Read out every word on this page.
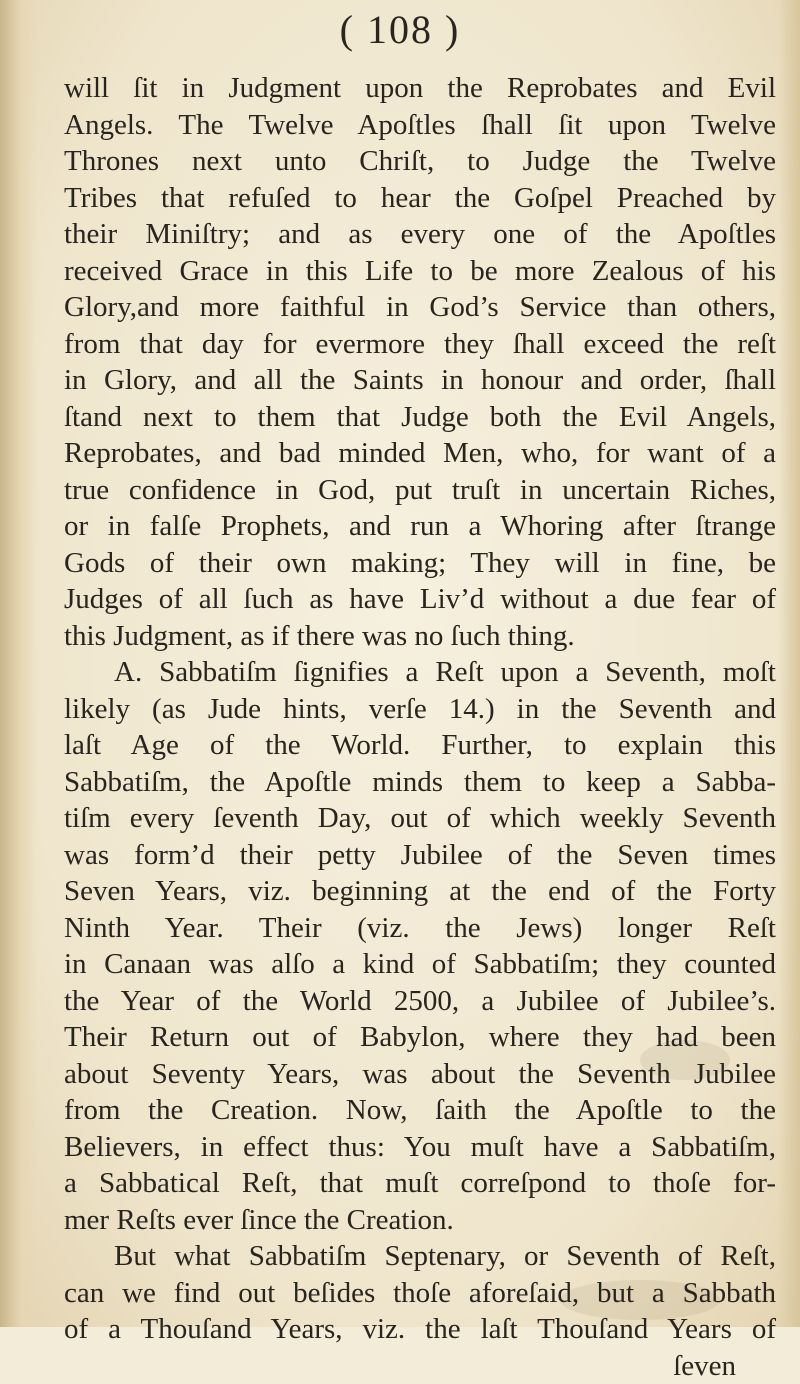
( 108 )
will ſit in Judgment upon the Reprobates and Evil
Angels. The Twelve Apoſtles ſhall ſit upon Twelve
Thrones next unto Chriſt, to Judge the Twelve
Tribes that refuſed to hear the Goſpel Preached by
their Miniſtry; and as every one of the Apoſtles
received Grace in this Life to be more Zealous of his
Glory,and more faithful in God’s Service than others,
from that day for evermore they ſhall exceed the reſt
in Glory, and all the Saints in honour and order, ſhall
ſtand next to them that Judge both the Evil Angels,
Reprobates, and bad minded Men, who, for want of a
true confidence in God, put truſt in uncertain Riches,
or in falſe Prophets, and run a Whoring after ſtrange
Gods of their own making; They will in fine, be
Judges of all ſuch as have Liv’d without a due fear of
this Judgment, as if there was no ſuch thing.
A. Sabbatiſm ſignifies a Reſt upon a Seventh, moſt
likely (as Jude hints, verſe 14.) in the Seventh and
laſt Age of the World. Further, to explain this
Sabbatiſm, the Apoſtle minds them to keep a Sabba-
tiſm every ſeventh Day, out of which weekly Seventh
was form’d their petty Jubilee of the Seven times
Seven Years, viz. beginning at the end of the Forty
Ninth Year. Their (viz. the Jews) longer Reſt
in Canaan was alſo a kind of Sabbatiſm; they counted
the Year of the World 2500, a Jubilee of Jubilee’s.
Their Return out of Babylon, where they had been
about Seventy Years, was about the Seventh Jubilee
from the Creation. Now, ſaith the Apoſtle to the
Believers, in effect thus: You muſt have a Sabbatiſm,
a Sabbatical Reſt, that muſt correſpond to thoſe for-
mer Reſts ever ſince the Creation.
But what Sabbatiſm Septenary, or Seventh of Reſt,
can we find out beſides thoſe aforeſaid, but a Sabbath
of a Thouſand Years, viz. the laſt Thouſand Years of
ſeven
